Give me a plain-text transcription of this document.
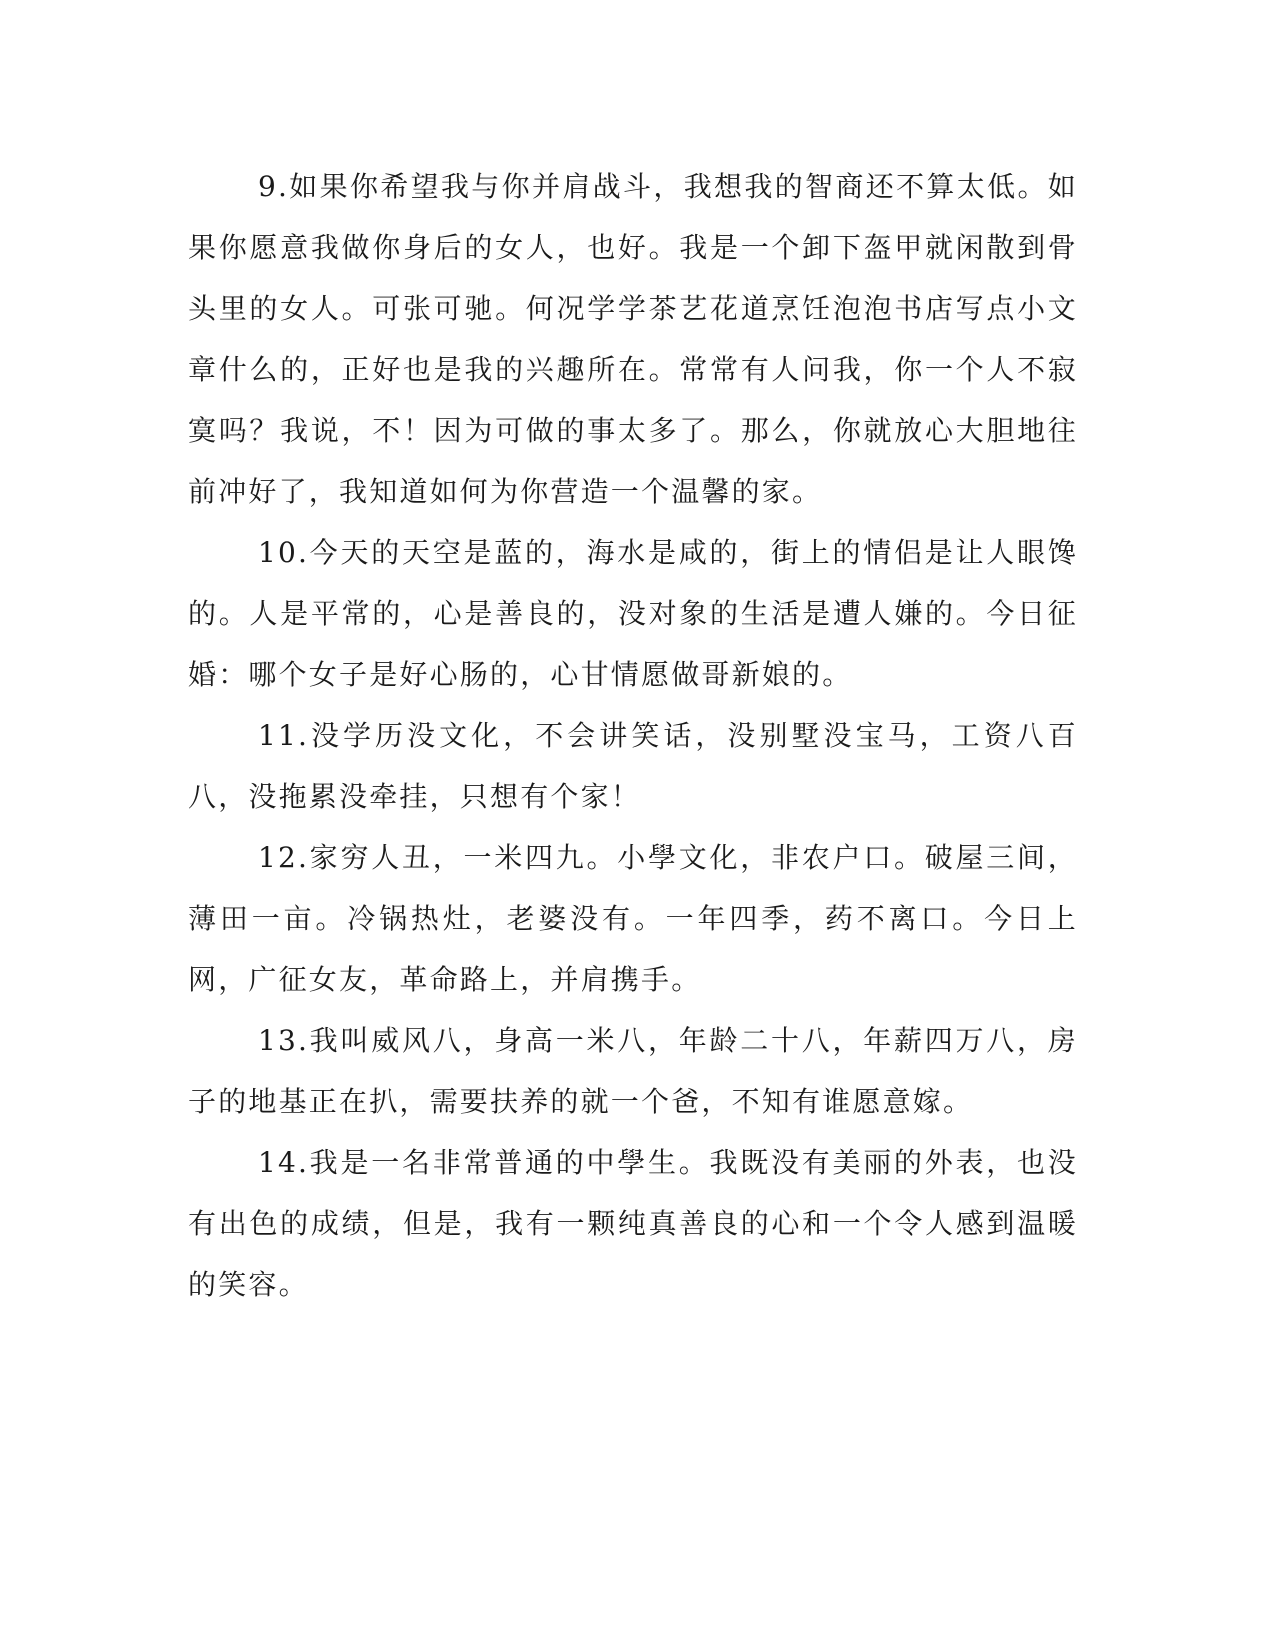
9.如果你希望我与你并肩战斗，我想我的智商还不算太低。如果你愿意我做你身后的女人，也好。我是一个卸下盔甲就闲散到骨头里的女人。可张可驰。何况学学茶艺花道烹饪泡泡书店写点小文章什么的，正好也是我的兴趣所在。常常有人问我，你一个人不寂寞吗？我说，不！因为可做的事太多了。那么，你就放心大胆地往前冲好了，我知道如何为你营造一个温馨的家。

10.今天的天空是蓝的，海水是咸的，街上的情侣是让人眼馋的。人是平常的，心是善良的，没对象的生活是遭人嫌的。今日征婚：哪个女子是好心肠的，心甘情愿做哥新娘的。

11.没学历没文化，不会讲笑话，没别墅没宝马，工资八百八，没拖累没牵挂，只想有个家！

12.家穷人丑，一米四九。小學文化，非农户口。破屋三间，薄田一亩。冷锅热灶，老婆没有。一年四季，药不离口。今日上网，广征女友，革命路上，并肩携手。

13.我叫威风八，身高一米八，年龄二十八，年薪四万八，房子的地基正在扒，需要扶养的就一个爸，不知有谁愿意嫁。

14.我是一名非常普通的中學生。我既没有美丽的外表，也没有出色的成绩，但是，我有一颗纯真善良的心和一个令人感到温暖的笑容。
